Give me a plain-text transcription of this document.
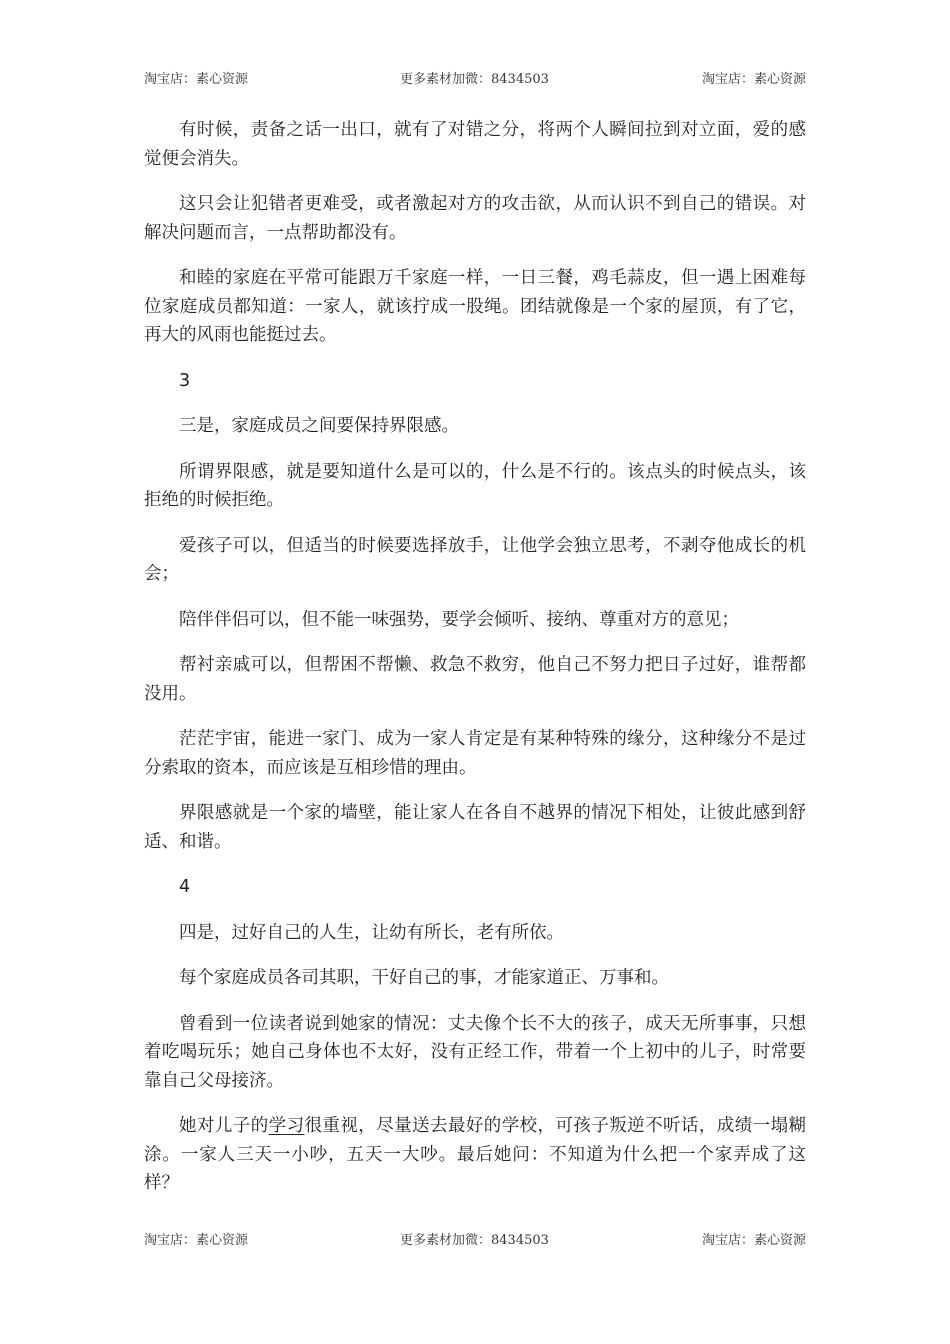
淘宝店：素心资源	更多素材加微：8434503	淘宝店：素心资源

有时候，责备之话一出口，就有了对错之分，将两个人瞬间拉到对立面，爱的感觉便会消失。

这只会让犯错者更难受，或者激起对方的攻击欲，从而认识不到自己的错误。对解决问题而言，一点帮助都没有。

和睦的家庭在平常可能跟万千家庭一样，一日三餐，鸡毛蒜皮，但一遇上困难每位家庭成员都知道：一家人，就该拧成一股绳。团结就像是一个家的屋顶，有了它，再大的风雨也能挺过去。

3

三是，家庭成员之间要保持界限感。

所谓界限感，就是要知道什么是可以的，什么是不行的。该点头的时候点头，该拒绝的时候拒绝。

爱孩子可以，但适当的时候要选择放手，让他学会独立思考，不剥夺他成长的机会；

陪伴伴侣可以，但不能一味强势，要学会倾听、接纳、尊重对方的意见；

帮衬亲戚可以，但帮困不帮懒、救急不救穷，他自己不努力把日子过好，谁帮都没用。

茫茫宇宙，能进一家门、成为一家人肯定是有某种特殊的缘分，这种缘分不是过分索取的资本，而应该是互相珍惜的理由。

界限感就是一个家的墙壁，能让家人在各自不越界的情况下相处，让彼此感到舒适、和谐。

4

四是，过好自己的人生，让幼有所长，老有所依。

每个家庭成员各司其职，干好自己的事，才能家道正、万事和。

曾看到一位读者说到她家的情况：丈夫像个长不大的孩子，成天无所事事，只想着吃喝玩乐；她自己身体也不太好，没有正经工作，带着一个上初中的儿子，时常要靠自己父母接济。

她对儿子的学习很重视，尽量送去最好的学校，可孩子叛逆不听话，成绩一塌糊涂。一家人三天一小吵，五天一大吵。最后她问：不知道为什么把一个家弄成了这样？

淘宝店：素心资源	更多素材加微：8434503	淘宝店：素心资源
